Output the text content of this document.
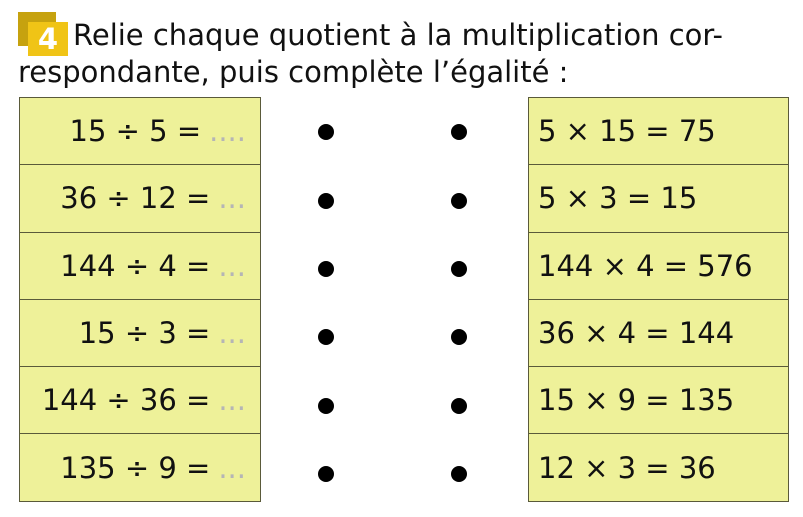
4 Relie chaque quotient à la multiplication cor-
respondante, puis complète l’égalité :
15 ÷ 5 = ....
36 ÷ 12 = ...
144 ÷ 4 = ...
15 ÷ 3 = ...
144 ÷ 36 = ...
135 ÷ 9 = ...
5 × 15 = 75
5 × 3 = 15
144 × 4 = 576
36 × 4 = 144
15 × 9 = 135
12 × 3 = 36
